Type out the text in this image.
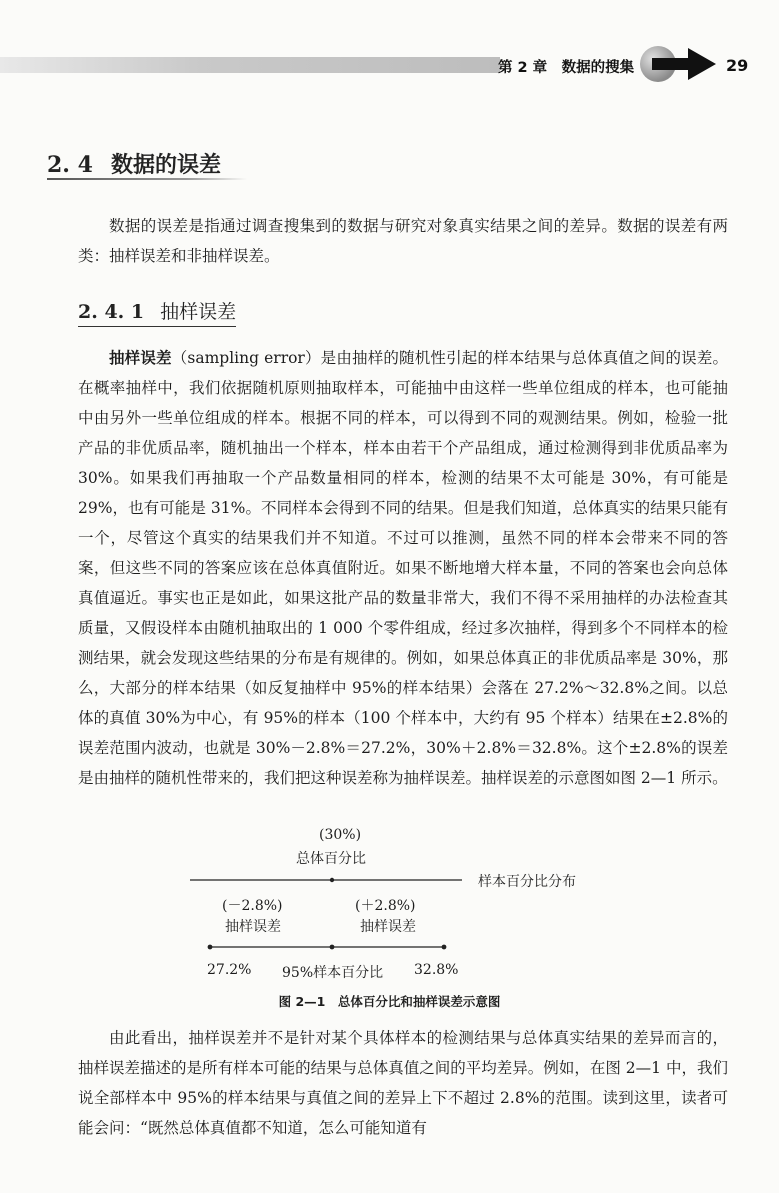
第 2 章　数据的搜集	29
2. 4 数据的误差

数据的误差是指通过调查搜集到的数据与研究对象真实结果之间的差异。数据的误差有两类：抽样误差和非抽样误差。

2. 4. 1 抽样误差

抽样误差（sampling error）是由抽样的随机性引起的样本结果与总体真值之间的误差。在概率抽样中，我们依据随机原则抽取样本，可能抽中由这样一些单位组成的样本，也可能抽中由另外一些单位组成的样本。根据不同的样本，可以得到不同的观测结果。例如，检验一批产品的非优质品率，随机抽出一个样本，样本由若干个产品组成，通过检测得到非优质品率为 30%。如果我们再抽取一个产品数量相同的样本，检测的结果不太可能是 30%，有可能是 29%，也有可能是 31%。不同样本会得到不同的结果。但是我们知道，总体真实的结果只能有一个，尽管这个真实的结果我们并不知道。不过可以推测，虽然不同的样本会带来不同的答案，但这些不同的答案应该在总体真值附近。如果不断地增大样本量，不同的答案也会向总体真值逼近。事实也正是如此，如果这批产品的数量非常大，我们不得不采用抽样的办法检查其质量，又假设样本由随机抽取出的 1 000 个零件组成，经过多次抽样，得到多个不同样本的检测结果，就会发现这些结果的分布是有规律的。例如，如果总体真正的非优质品率是 30%，那么，大部分的样本结果（如反复抽样中 95%的样本结果）会落在 27.2%～32.8%之间。以总体的真值 30%为中心，有 95%的样本（100 个样本中，大约有 95 个样本）结果在±2.8%的误差范围内波动，也就是 30%－2.8%＝27.2%，30%＋2.8%＝32.8%。这个±2.8%的误差是由抽样的随机性带来的，我们把这种误差称为抽样误差。抽样误差的示意图如图 2—1 所示。

(30%)
总体百分比
样本百分比分布
(－2.8%)
抽样误差
(＋2.8%)
抽样误差
27.2% 95%样本百分比 32.8%
图 2—1　总体百分比和抽样误差示意图

由此看出，抽样误差并不是针对某个具体样本的检测结果与总体真实结果的差异而言的，抽样误差描述的是所有样本可能的结果与总体真值之间的平均差异。例如，在图 2—1 中，我们说全部样本中 95%的样本结果与真值之间的差异上下不超过 2.8%的范围。读到这里，读者可能会问：“既然总体真值都不知道，怎么可能知道有
